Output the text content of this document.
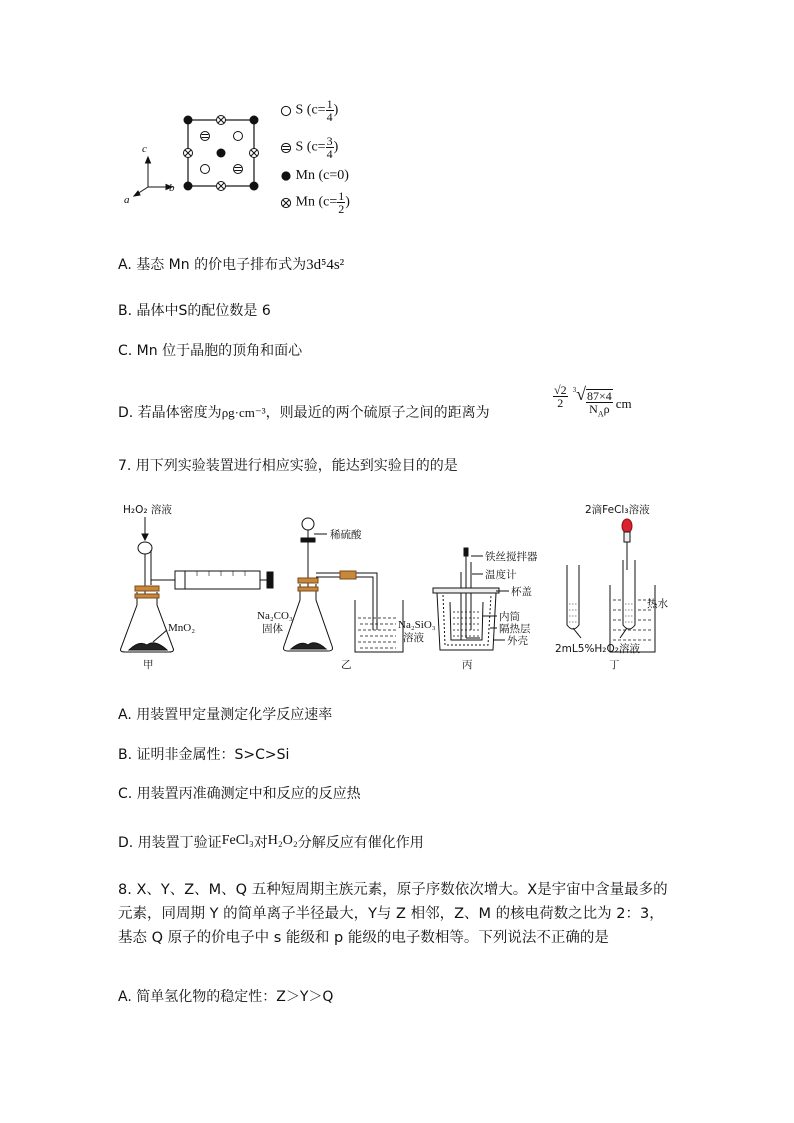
c
a
b
S ($c= \frac{1}{4}$ )
S ($c= \frac{3}{4}$ )
Mn (c=0)
Mn ($c= \frac{1}{2}$ )
A. 基态 Mn 的价电子排布式为3d⁵4s²
B. 晶体中S的配位数是 6
C. Mn 位于晶胞的顶角和面心
D. 若晶体密度为ρg·cm⁻³，则最近的两个硫原子之间的距离为
$\frac{√2}{2} ^3√ \frac{87\times 4}{N_A\rho}$ cm
7. 用下列实验装置进行相应实验，能达到实验目的的是
H₂O₂ 溶液
MnO₂
甲
稀硫酸
Na₂CO₃
固体	Na₂SiO₃
溶液
乙
铁丝搅拌器
温度计
杯盖
内筒
隔热层
外壳
丙
2滴FeCl₃溶液
热水
2mL5%H₂O₂溶液
丁
A. 用装置甲定量测定化学反应速率
B. 证明非金属性：S>C>Si
C. 用装置丙准确测定中和反应的反应热
D. 用装置丁验证FeCl₃对H₂O₂分解反应有催化作用
8. X、Y、Z、M、Q 五种短周期主族元素，原子序数依次增大。X是宇宙中含量最多的元素，同周期 Y 的简单离子半径最大，Y与 Z 相邻，Z、M 的核电荷数之比为 2：3，基态 Q 原子的价电子中 s 能级和 p 能级的电子数相等。下列说法不正确的是
A. 简单氢化物的稳定性：Z＞Y＞Q
